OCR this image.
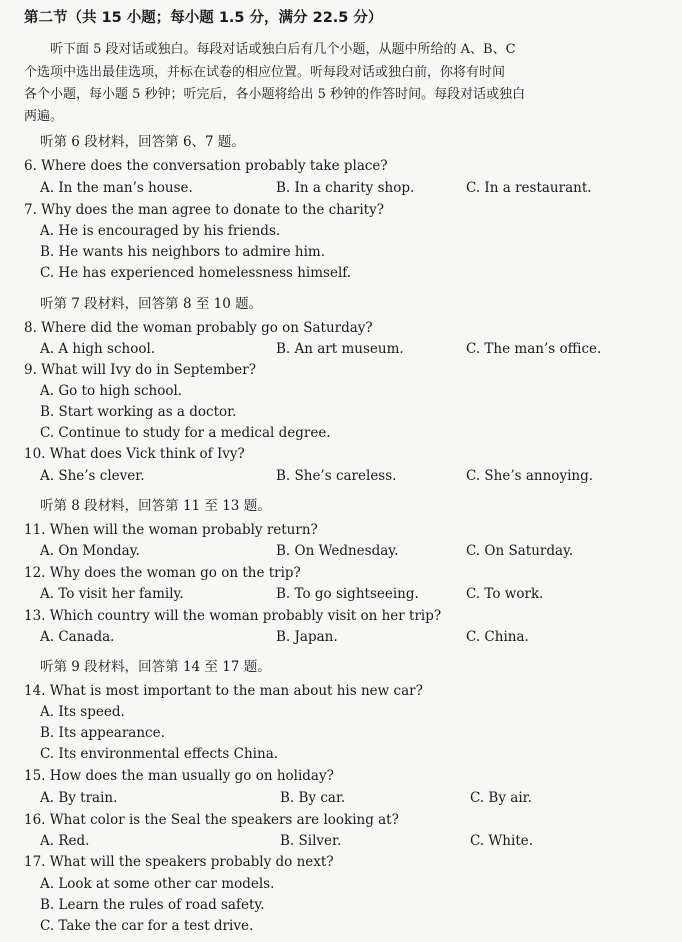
第二节（共 15 小题；每小题 1.5 分，满分 22.5 分）
　　听下面 5 段对话或独白。每段对话或独白后有几个小题，从题中所给的 A、B、C
个选项中选出最佳选项，并标在试卷的相应位置。听每段对话或独白前，你将有时间
各个小题，每小题 5 秒钟；听完后，各小题将给出 5 秒钟的作答时间。每段对话或独白
两遍。
听第 6 段材料，回答第 6、7 题。
6. Where does the conversation probably take place?
A. In the man’s house.	B. In a charity shop.	C. In a restaurant.
7. Why does the man agree to donate to the charity?
A. He is encouraged by his friends.
B. He wants his neighbors to admire him.
C. He has experienced homelessness himself.
听第 7 段材料，回答第 8 至 10 题。
8. Where did the woman probably go on Saturday?
A. A high school.	B. An art museum.	C. The man’s office.
9. What will Ivy do in September?
A. Go to high school.
B. Start working as a doctor.
C. Continue to study for a medical degree.
10. What does Vick think of Ivy?
A. She’s clever.	B. She’s careless.	C. She’s annoying.
听第 8 段材料，回答第 11 至 13 题。
11. When will the woman probably return?
A. On Monday.	B. On Wednesday.	C. On Saturday.
12. Why does the woman go on the trip?
A. To visit her family.	B. To go sightseeing.	C. To work.
13. Which country will the woman probably visit on her trip?
A. Canada.	B. Japan.	C. China.
听第 9 段材料，回答第 14 至 17 题。
14. What is most important to the man about his new car?
A. Its speed.
B. Its appearance.
C. Its environmental effects China.
15. How does the man usually go on holiday?
A. By train.	B. By car.	C. By air.
16. What color is the Seal the speakers are looking at?
A. Red.	B. Silver.	C. White.
17. What will the speakers probably do next?
A. Look at some other car models.
B. Learn the rules of road safety.
C. Take the car for a test drive.
